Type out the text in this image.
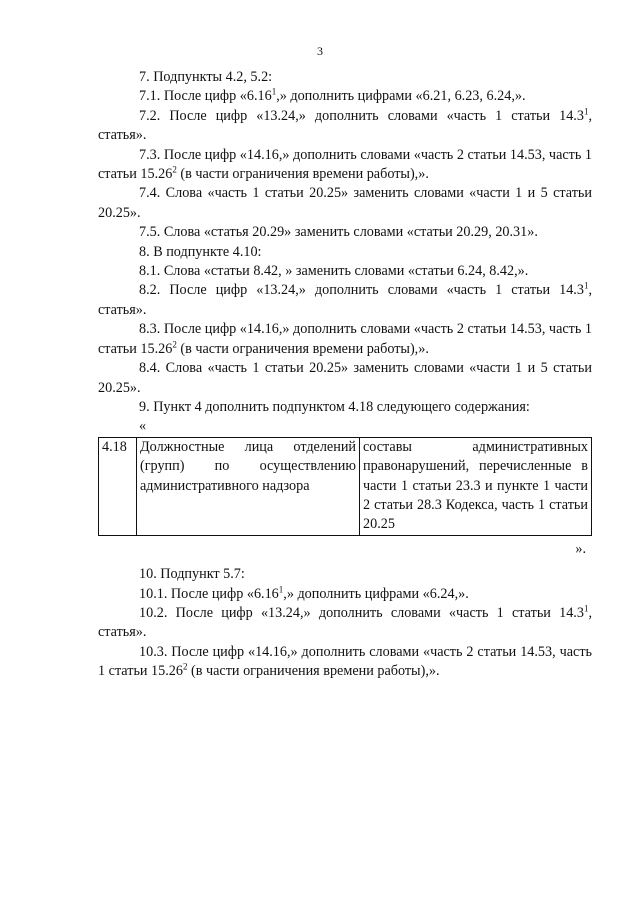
3

7. Подпункты 4.2, 5.2:

7.1. После цифр «6.16$^1$,» дополнить цифрами «6.21, 6.23, 6.24,».

7.2. После цифр «13.24,» дополнить словами «часть 1 статьи 14.3$^1$, статья».

7.3. После цифр «14.16,» дополнить словами «часть 2 статьи 14.53, часть 1 статьи 15.26$^2$ (в части ограничения времени работы),».

7.4. Слова «часть 1 статьи 20.25» заменить словами «части 1 и 5 статьи 20.25».

7.5. Слова «статья 20.29» заменить словами «статьи 20.29, 20.31».

8. В подпункте 4.10:

8.1. Слова «статьи 8.42, » заменить словами «статьи 6.24, 8.42,».

8.2. После цифр «13.24,» дополнить словами «часть 1 статьи 14.3$^1$, статья».

8.3. После цифр «14.16,» дополнить словами «часть 2 статьи 14.53, часть 1 статьи 15.26$^2$ (в части ограничения времени работы),».

8.4. Слова «часть 1 статьи 20.25» заменить словами «части 1 и 5 статьи 20.25».

9. Пункт 4 дополнить подпунктом 4.18 следующего содержания:

«

4.18	Должностные лица отделений (групп) по осуществлению административного надзора	составы административных правонарушений, перечисленные в части 1 статьи 23.3 и пункте 1 части 2 статьи 28.3 Кодекса, часть 1 статьи 20.25

».

10. Подпункт 5.7:

10.1. После цифр «6.16$^1$,» дополнить цифрами «6.24,».

10.2. После цифр «13.24,» дополнить словами «часть 1 статьи 14.3$^1$, статья».

10.3. После цифр «14.16,» дополнить словами «часть 2 статьи 14.53, часть 1 статьи 15.26$^2$ (в части ограничения времени работы),».
